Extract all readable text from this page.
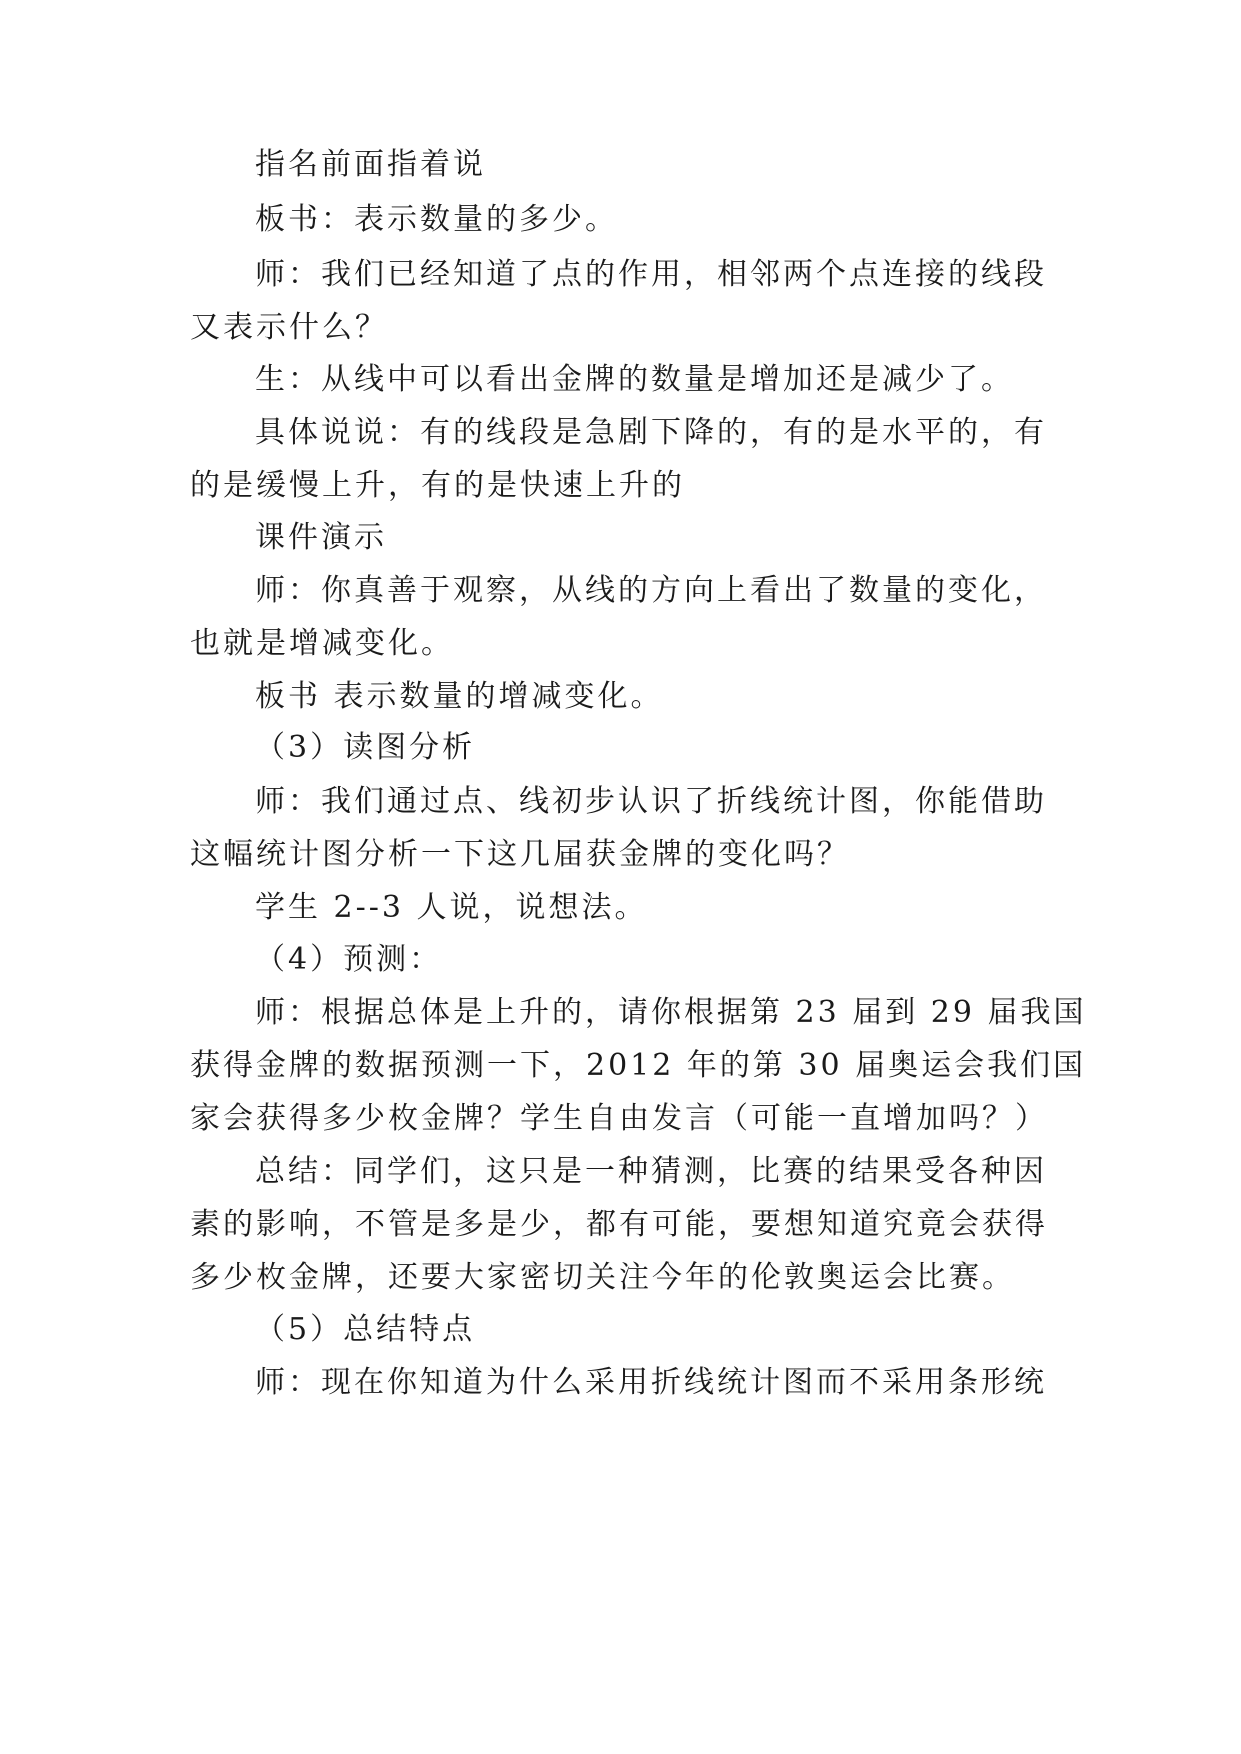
指名前面指着说
板书：表示数量的多少。
师：我们已经知道了点的作用，相邻两个点连接的线段
又表示什么？
生：从线中可以看出金牌的数量是增加还是减少了。
具体说说：有的线段是急剧下降的，有的是水平的，有
的是缓慢上升，有的是快速上升的
课件演示
师：你真善于观察，从线的方向上看出了数量的变化，
也就是增减变化。
板书 表示数量的增减变化。
（3）读图分析
师：我们通过点、线初步认识了折线统计图，你能借助
这幅统计图分析一下这几届获金牌的变化吗？
学生 2--3 人说，说想法。
（4）预测：
师：根据总体是上升的，请你根据第 23 届到 29 届我国
获得金牌的数据预测一下，2012 年的第 30 届奥运会我们国
家会获得多少枚金牌？学生自由发言（可能一直增加吗？）
总结：同学们，这只是一种猜测，比赛的结果受各种因
素的影响，不管是多是少，都有可能，要想知道究竟会获得
多少枚金牌，还要大家密切关注今年的伦敦奥运会比赛。
（5）总结特点
师：现在你知道为什么采用折线统计图而不采用条形统
